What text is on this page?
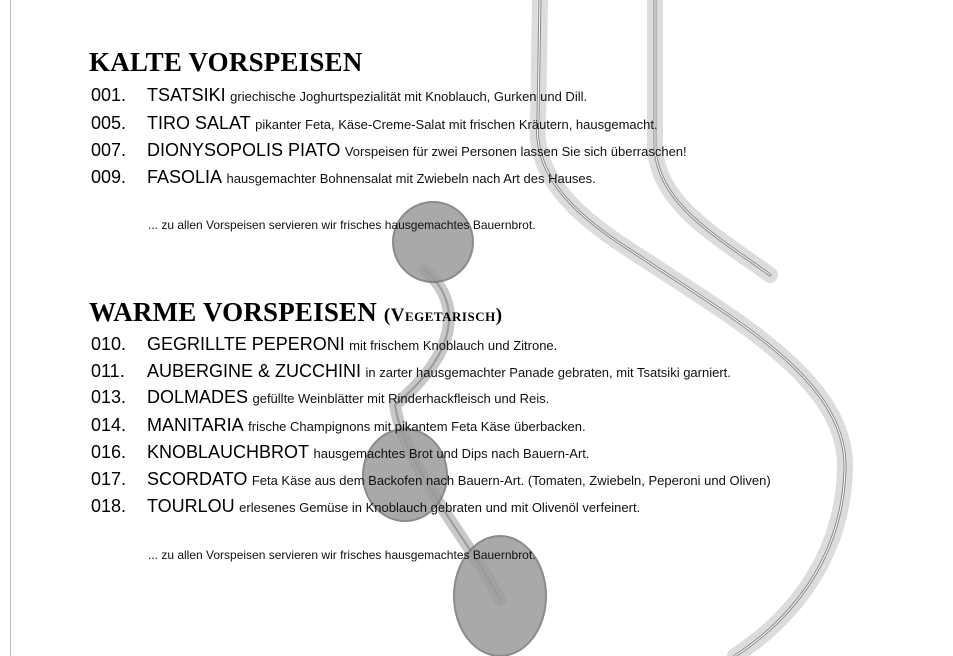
KALTE VORSPEISEN
001. TSATSIKI griechische Joghurtspezialität mit Knoblauch, Gurken und Dill.
005. TIRO SALAT pikanter Feta, Käse-Creme-Salat mit frischen Kräutern, hausgemacht.
007. DIONYSOPOLIS PIATO Vorspeisen für zwei Personen lassen Sie sich überraschen!
009. FASOLIA hausgemachter Bohnensalat mit Zwiebeln nach Art des Hauses.
... zu allen Vorspeisen servieren wir frisches hausgemachtes Bauernbrot.
WARME VORSPEISEN (Vegetarisch)
010. GEGRILLTE PEPERONI mit frischem Knoblauch und Zitrone.
011. AUBERGINE & ZUCCHINI in zarter hausgemachter Panade gebraten, mit Tsatsiki garniert.
013. DOLMADES gefüllte Weinblätter mit Rinderhackfleisch und Reis.
014. MANITARIA frische Champignons mit pikantem Feta Käse überbacken.
016. KNOBLAUCHBROT hausgemachtes Brot und Dips nach Bauern-Art.
017. SCORDATO Feta Käse aus dem Backofen nach Bauern-Art. (Tomaten, Zwiebeln, Peperoni und Oliven)
018. TOURLOU erlesenes Gemüse in Knoblauch gebraten und mit Olivenöl verfeinert.
... zu allen Vorspeisen servieren wir frisches hausgemachtes Bauernbrot.
